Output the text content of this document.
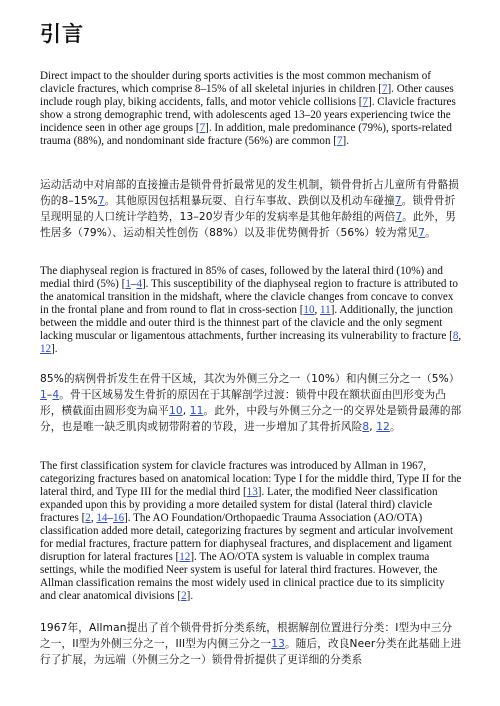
引言

Direct impact to the shoulder during sports activities is the most common mechanism of clavicle fractures, which comprise 8–15% of all skeletal injuries in children [7]. Other causes include rough play, biking accidents, falls, and motor vehicle collisions [7]. Clavicle fractures show a strong demographic trend, with adolescents aged 13–20 years experiencing twice the incidence seen in other age groups [7]. In addition, male predominance (79%), sports-related trauma (88%), and nondominant side fracture (56%) are common [7].

运动活动中对肩部的直接撞击是锁骨骨折最常见的发生机制，锁骨骨折占儿童所有骨骼损伤的8–15%7。其他原因包括粗暴玩耍、自行车事故、跌倒以及机动车碰撞7。锁骨骨折呈现明显的人口统计学趋势，13–20岁青少年的发病率是其他年龄组的两倍7。此外，男性居多（79%）、运动相关性创伤（88%）以及非优势侧骨折（56%）较为常见7。

The diaphyseal region is fractured in 85% of cases, followed by the lateral third (10%) and medial third (5%) [1–4]. This susceptibility of the diaphyseal region to fracture is attributed to the anatomical transition in the midshaft, where the clavicle changes from concave to convex in the frontal plane and from round to flat in cross-section [10, 11]. Additionally, the junction between the middle and outer third is the thinnest part of the clavicle and the only segment lacking muscular or ligamentous attachments, further increasing its vulnerability to fracture [8, 12].

85%的病例骨折发生在骨干区域，其次为外侧三分之一（10%）和内侧三分之一（5%）1–4。骨干区域易发生骨折的原因在于其解剖学过渡：锁骨中段在额状面由凹形变为凸形，横截面由圆形变为扁平10, 11。此外，中段与外侧三分之一的交界处是锁骨最薄的部分，也是唯一缺乏肌肉或韧带附着的节段，进一步增加了其骨折风险8, 12。

The first classification system for clavicle fractures was introduced by Allman in 1967, categorizing fractures based on anatomical location: Type I for the middle third, Type II for the lateral third, and Type III for the medial third [13]. Later, the modified Neer classification expanded upon this by providing a more detailed system for distal (lateral third) clavicle fractures [2, 14–16]. The AO Foundation/Orthopaedic Trauma Association (AO/OTA) classification added more detail, categorizing fractures by segment and articular involvement for medial fractures, fracture pattern for diaphyseal fractures, and displacement and ligament disruption for lateral fractures [12]. The AO/OTA system is valuable in complex trauma settings, while the modified Neer system is useful for lateral third fractures. However, the Allman classification remains the most widely used in clinical practice due to its simplicity and clear anatomical divisions [2].

1967年，Allman提出了首个锁骨骨折分类系统，根据解剖位置进行分类：I型为中三分之一，II型为外侧三分之一，III型为内侧三分之一13。随后，改良Neer分类在此基础上进行了扩展，为远端（外侧三分之一）锁骨骨折提供了更详细的分类系
